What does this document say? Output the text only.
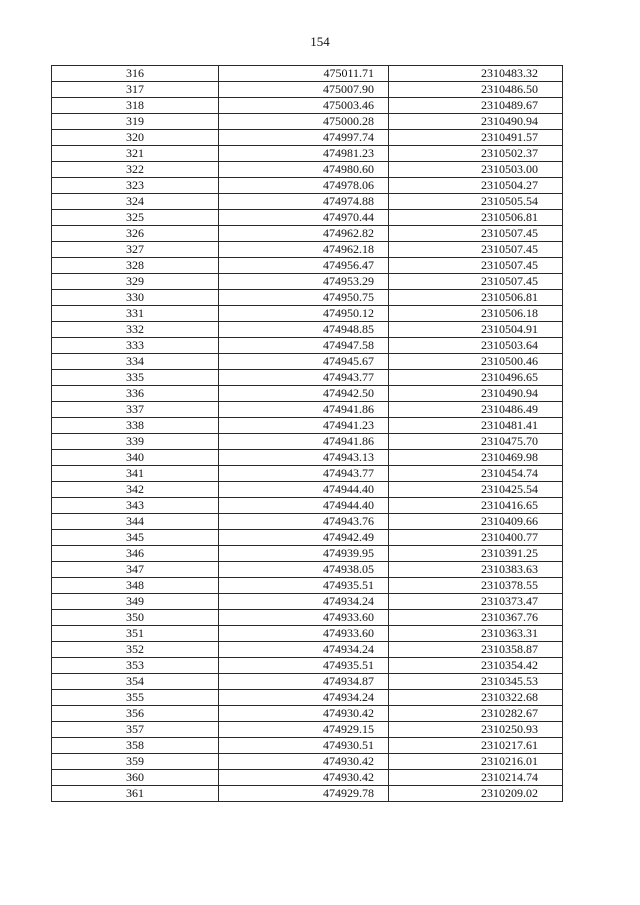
154
316	475011.71	2310483.32
317	475007.90	2310486.50
318	475003.46	2310489.67
319	475000.28	2310490.94
320	474997.74	2310491.57
321	474981.23	2310502.37
322	474980.60	2310503.00
323	474978.06	2310504.27
324	474974.88	2310505.54
325	474970.44	2310506.81
326	474962.82	2310507.45
327	474962.18	2310507.45
328	474956.47	2310507.45
329	474953.29	2310507.45
330	474950.75	2310506.81
331	474950.12	2310506.18
332	474948.85	2310504.91
333	474947.58	2310503.64
334	474945.67	2310500.46
335	474943.77	2310496.65
336	474942.50	2310490.94
337	474941.86	2310486.49
338	474941.23	2310481.41
339	474941.86	2310475.70
340	474943.13	2310469.98
341	474943.77	2310454.74
342	474944.40	2310425.54
343	474944.40	2310416.65
344	474943.76	2310409.66
345	474942.49	2310400.77
346	474939.95	2310391.25
347	474938.05	2310383.63
348	474935.51	2310378.55
349	474934.24	2310373.47
350	474933.60	2310367.76
351	474933.60	2310363.31
352	474934.24	2310358.87
353	474935.51	2310354.42
354	474934.87	2310345.53
355	474934.24	2310322.68
356	474930.42	2310282.67
357	474929.15	2310250.93
358	474930.51	2310217.61
359	474930.42	2310216.01
360	474930.42	2310214.74
361	474929.78	2310209.02
